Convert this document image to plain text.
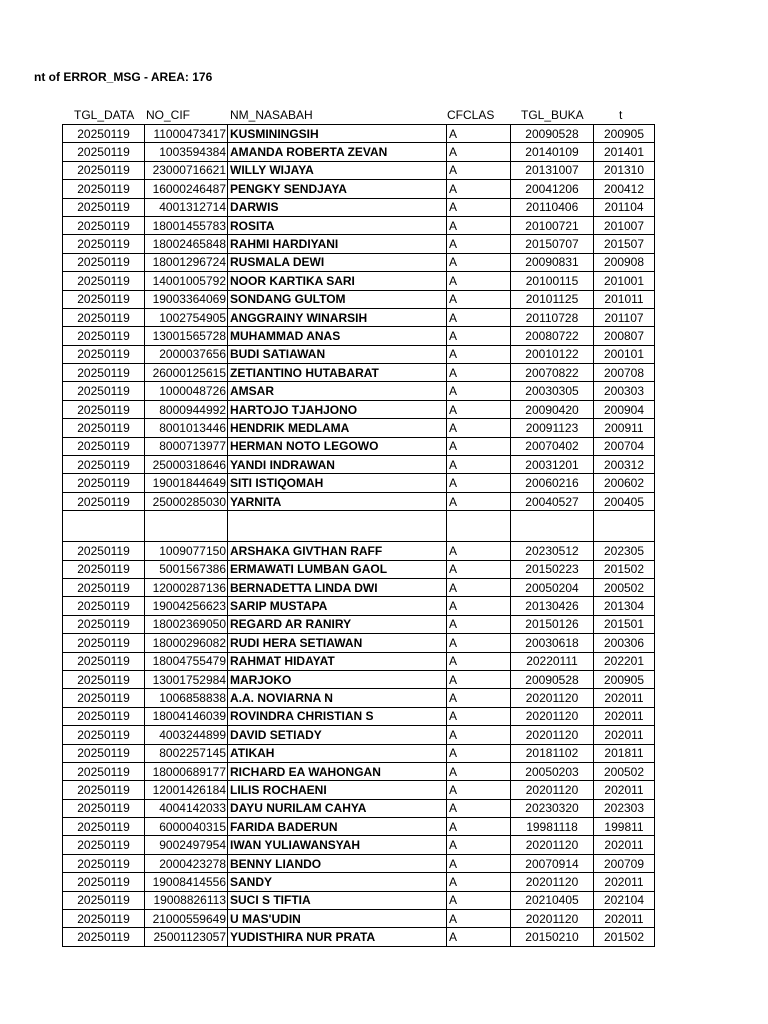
nt of ERROR_MSG - AREA: 176
TGL_DATA NO_CIF	NM_NASABAH	CFCLAS TGL_BUKA	t
20250119	11000473417	KUSMININGSIH	A	20090528	200905
20250119	1003594384	AMANDA ROBERTA ZEVAN	A	20140109	201401
20250119	23000716621	WILLY WIJAYA	A	20131007	201310
20250119	16000246487	PENGKY SENDJAYA	A	20041206	200412
20250119	4001312714	DARWIS	A	20110406	201104
20250119	18001455783	ROSITA	A	20100721	201007
20250119	18002465848	RAHMI HARDIYANI	A	20150707	201507
20250119	18001296724	RUSMALA DEWI	A	20090831	200908
20250119	14001005792	NOOR KARTIKA SARI	A	20100115	201001
20250119	19003364069	SONDANG GULTOM	A	20101125	201011
20250119	1002754905	ANGGRAINY WINARSIH	A	20110728	201107
20250119	13001565728	MUHAMMAD ANAS	A	20080722	200807
20250119	2000037656	BUDI SATIAWAN	A	20010122	200101
20250119	26000125615	ZETIANTINO HUTABARAT	A	20070822	200708
20250119	1000048726	AMSAR	A	20030305	200303
20250119	8000944992	HARTOJO TJAHJONO	A	20090420	200904
20250119	8001013446	HENDRIK MEDLAMA	A	20091123	200911
20250119	8000713977	HERMAN NOTO LEGOWO	A	20070402	200704
20250119	25000318646	YANDI INDRAWAN	A	20031201	200312
20250119	19001844649	SITI ISTIQOMAH	A	20060216	200602
20250119	25000285030	YARNITA	A	20040527	200405

20250119	1009077150	ARSHAKA GIVTHAN RAFF	A	20230512	202305
20250119	5001567386	ERMAWATI LUMBAN GAOL	A	20150223	201502
20250119	12000287136	BERNADETTA LINDA DWI	A	20050204	200502
20250119	19004256623	SARIP MUSTAPA	A	20130426	201304
20250119	18002369050	REGARD AR RANIRY	A	20150126	201501
20250119	18000296082	RUDI HERA SETIAWAN	A	20030618	200306
20250119	18004755479	RAHMAT HIDAYAT	A	20220111	202201
20250119	13001752984	MARJOKO	A	20090528	200905
20250119	1006858838	A.A. NOVIARNA N	A	20201120	202011
20250119	18004146039	ROVINDRA CHRISTIAN S	A	20201120	202011
20250119	4003244899	DAVID SETIADY	A	20201120	202011
20250119	8002257145	ATIKAH	A	20181102	201811
20250119	18000689177	RICHARD EA WAHONGAN	A	20050203	200502
20250119	12001426184	LILIS ROCHAENI	A	20201120	202011
20250119	4004142033	DAYU NURILAM CAHYA	A	20230320	202303
20250119	6000040315	FARIDA BADERUN	A	19981118	199811
20250119	9002497954	IWAN YULIAWANSYAH	A	20201120	202011
20250119	2000423278	BENNY LIANDO	A	20070914	200709
20250119	19008414556	SANDY	A	20201120	202011
20250119	19008826113	SUCI S TIFTIA	A	20210405	202104
20250119	21000559649	U MAS'UDIN	A	20201120	202011
20250119	25001123057	YUDISTHIRA NUR PRATA	A	20150210	201502
